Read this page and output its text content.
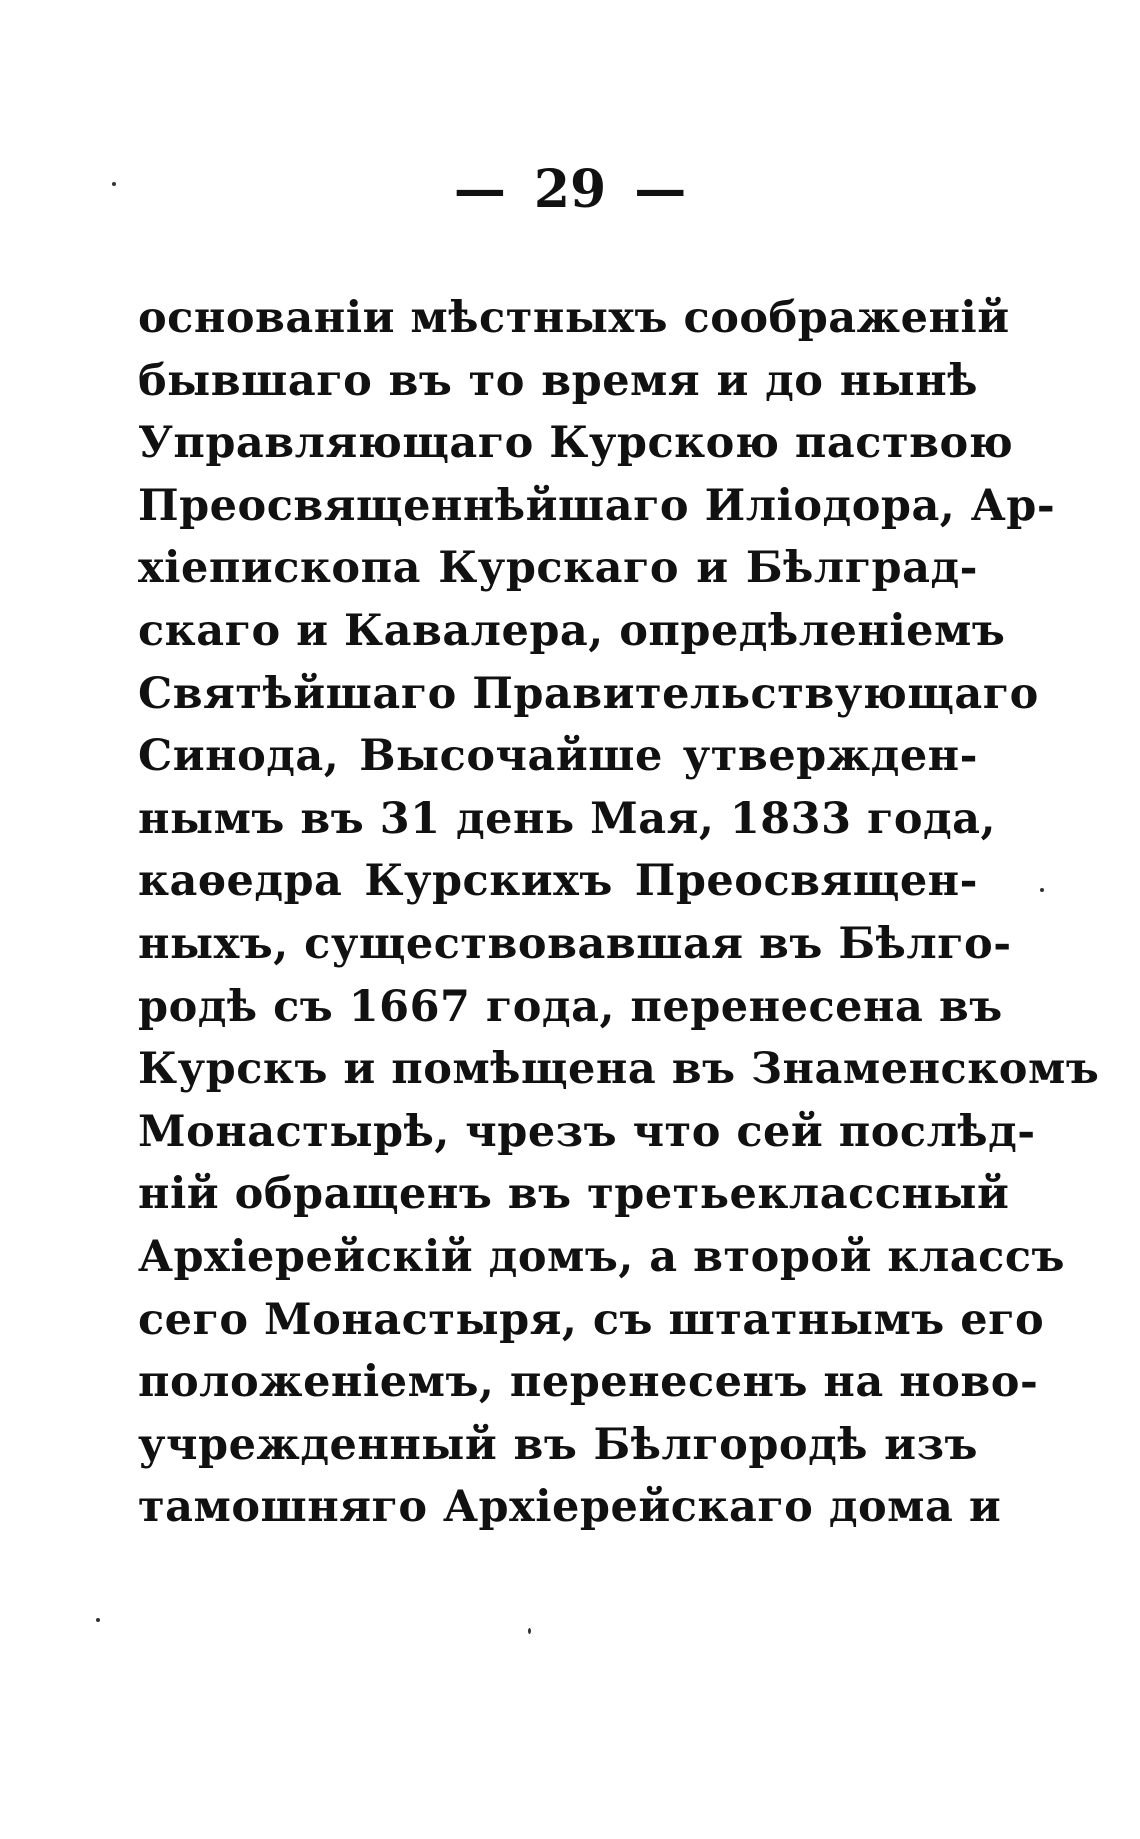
— 29 —
основаніи мѣстныхъ соображеній
бывшаго въ то время и до нынѣ
Управляющаго Курскою паствою
Преосвященнѣйшаго Иліодора, Ар-
хіепископа Курскаго и Бѣлград-
скаго и Кавалера, опредѣленіемъ
Святѣйшаго Правительствующаго
Синода, Высочайше утвержден-
нымъ въ 31 день Мая, 1833 года,
каѳедра Курскихъ Преосвящен-
ныхъ, существовавшая въ Бѣлго-
родѣ съ 1667 года, перенесена въ
Курскъ и помѣщена въ Знаменскомъ
Монастырѣ, чрезъ что сей послѣд-
ній обращенъ въ третьеклассный
Архіерейскій домъ, а второй классъ
сего Монастыря, съ штатнымъ его
положеніемъ, перенесенъ на ново-
учрежденный въ Бѣлгородѣ изъ
тамошняго Архіерейскаго дома и
